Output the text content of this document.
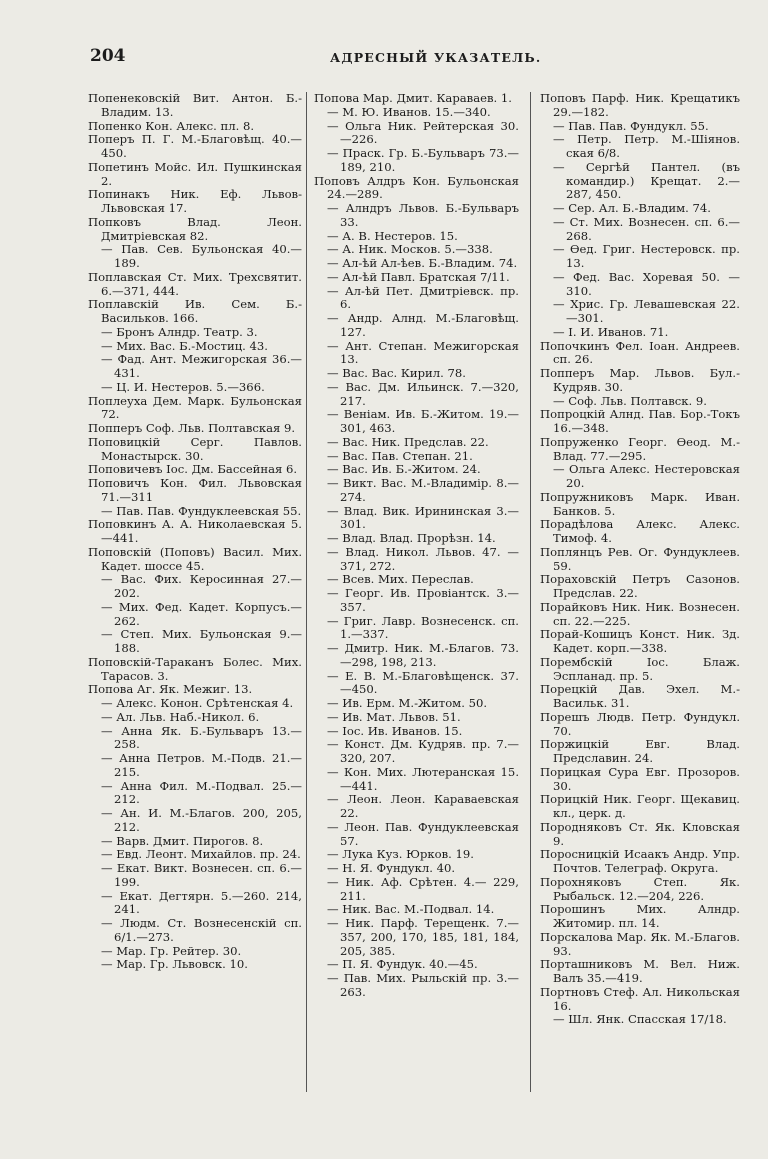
204	АДРЕСНЫЙ УКАЗАТЕЛЬ.

Попенековскій Вит. Антон. Б.-Владим. 13.

Попенко Кон. Алекс. пл. 8.

Поперъ П. Г. М.-Благовѣщ. 40.—450.

Попетинъ Мойс. Ил. Пушкинская 2.

Попинакъ Ник. Еф. Львов-Львовская 17.

Попковъ Влад. Леон. Дмитріевская 82.

— Пав. Сев. Бульонская 40.—189.

Поплавская Ст. Мих. Трехсвятит. 6.—371, 444.

Поплавскій Ив. Сем. Б.-Васильков. 166.

— Бронъ Алндр. Театр. 3.

— Мих. Вас. Б.-Мостиц. 43.

— Фад. Ант. Межигорская 36.—431.

— Ц. И. Нестеров. 5.—366.

Поплеуха Дем. Марк. Бульонская 72.

Попперъ Соф. Льв. Полтавская 9.

Поповицкій Серг. Павлов. Монастырск. 30.

Поповичевъ Іос. Дм. Бассейная 6.

Поповичъ Кон. Фил. Львовская 71.—311

— Пав. Пав. Фундуклеевская 55.

Поповкинъ А. А. Николаевская 5.—441.

Поповскій (Поповъ) Васил. Мих. Кадет. шоссе 45.

— Вас. Фих. Керосинная 27.—202.

— Мих. Фед. Кадет. Корпусъ.—262.

— Степ. Мих. Бульонская 9.—188.

Поповскій-Тараканъ Болес. Мих. Тарасов. 3.

Попова Аг. Як. Межиг. 13.

— Алекс. Конон. Срѣтенская 4.

— Ал. Льв. Наб.-Никол. 6.

— Анна Як. Б.-Бульваръ 13.—258.

— Анна Петров. М.-Подв. 21.—215.

— Анна Фил. М.-Подвал. 25.—212.

— Ан. И. М.-Благов. 200, 205, 212.

— Варв. Дмит. Пирогов. 8.

— Евд. Леонт. Михайлов. пр. 24.

— Екат. Викт. Вознесен. сп. 6.—199.

— Екат. Дегтярн. 5.—260. 214, 241.

— Людм. Ст. Вознесенскій сп. 6/1.—273.

— Мар. Гр. Рейтер. 30.

— Мар. Гр. Львовск. 10.

Попова Мар. Дмит. Караваев. 1.

— М. Ю. Иванов. 15.—340.

— Ольга Ник. Рейтерская 30.—226.

— Праск. Гр. Б.-Бульваръ 73.—189, 210.

Поповъ Алдръ Кон. Бульонская 24.—289.

— Алндръ Львов. Б.-Бульваръ 33.

— А. В. Нестеров. 15.

— А. Ник. Москов. 5.—338.

— Ал-ѣй Ал-ѣев. Б.-Владим. 74.

— Ал-ѣй Павл. Братская 7/11.

— Ал-ѣй Пет. Дмитріевск. пр. 6.

— Андр. Алнд. М.-Благовѣщ. 127.

— Ант. Степан. Межигорская 13.

— Вас. Вас. Кирил. 78.

— Вас. Дм. Ильинск. 7.—320, 217.

— Веніам. Ив. Б.-Житом. 19.—301, 463.

— Вас. Ник. Предслав. 22.

— Вас. Пав. Степан. 21.

— Вас. Ив. Б.-Житом. 24.

— Викт. Вас. М.-Владимір. 8.—274.

— Влад. Вик. Ирининская 3.—301.

— Влад. Влад. Прорѣзн. 14.

— Влад. Никол. Львов. 47. —371, 272.

— Всев. Мих. Переслав.

— Георг. Ив. Провіантск. 3.—357.

— Григ. Лавр. Вознесенск. сп. 1.—337.

— Дмитр. Ник. М.-Благов. 73.—298, 198, 213.

— Е. В. М.-Благовѣщенск. 37.—450.

— Ив. Ерм. М.-Житом. 50.

— Ив. Мат. Львов. 51.

— Іос. Ив. Иванов. 15.

— Конст. Дм. Кудряв. пр. 7.—320, 207.

— Кон. Мих. Лютеранская 15.—441.

— Леон. Леон. Караваевская 22.

— Леон. Пав. Фундуклеевская 57.

— Лука Куз. Юрков. 19.

— Н. Я. Фундукл. 40.

— Ник. Аф. Срѣтен. 4.— 229, 211.

— Ник. Вас. М.-Подвал. 14.

— Ник. Парф. Терещенк. 7.—357, 200, 170, 185, 181, 184, 205, 385.

— П. Я. Фундук. 40.—45.

— Пав. Мих. Рыльскій пр. 3.—263.

Поповъ Парф. Ник. Крещатикъ 29.—182.

— Пав. Пав. Фундукл. 55.

— Петр. Петр. М.-Шіянов. ская 6/8.

— Сергѣй Пантел. (въ командир.) Крещат. 2.— 287, 450.

— Сер. Ал. Б.-Владим. 74.

— Ст. Мих. Вознесен. сп. 6.—268.

— Ѳед. Григ. Нестеровск. пр. 13.

— Фед. Вас. Хоревая 50. —310.

— Хрис. Гр. Левашевская 22.—301.

— І. И. Иванов. 71.

Попочкинъ Фел. Іоан. Андреев. сп. 26.

Попперъ Мар. Львов. Бул.-Кудряв. 30.

— Соф. Льв. Полтавск. 9.

Попроцкій Алнд. Пав. Бор.-Токъ 16.—348.

Попруженко Георг. Ѳеод. М.-Влад. 77.—295.

— Ольга Алекс. Нестеровская 20.

Попружниковъ Марк. Иван. Банков. 5.

Порадѣлова Алекс. Алекс. Тимоф. 4.

Поплянцъ Рев. Ог. Фундуклеев. 59.

Пораховскій Петръ Сазонов. Предслав. 22.

Порайковъ Ник. Ник. Вознесен. сп. 22.—225.

Порай-Кошицъ Конст. Ник. Зд. Кадет. корп.—338.

Порембскій Іос. Блаж. Эспланад. пр. 5.

Порецкій Дав. Эхел. М.-Васильк. 31.

Порешъ Людв. Петр. Фундукл. 70.

Поржицкій Евг. Влад. Предславин. 24.

Порицкая Сура Евг. Прозоров. 30.

Порицкій Ник. Георг. Щекавиц. кл., церк. д.

Породняковъ Ст. Як. Кловская 9.

Поросницкій Исаакъ Андр. Упр. Почтов. Телеграф. Округа.

Порохняковъ Степ. Як. Рыбальск. 12.—204, 226.

Порошинъ Мих. Алндр. Житомир. пл. 14.

Порскалова Мар. Як. М.-Благов. 93.

Порташниковъ М. Вел. Ниж. Валъ 35.—419.

Портновъ Стеф. Ал. Никольская 16.

— Шл. Янк. Спасская 17/18.
